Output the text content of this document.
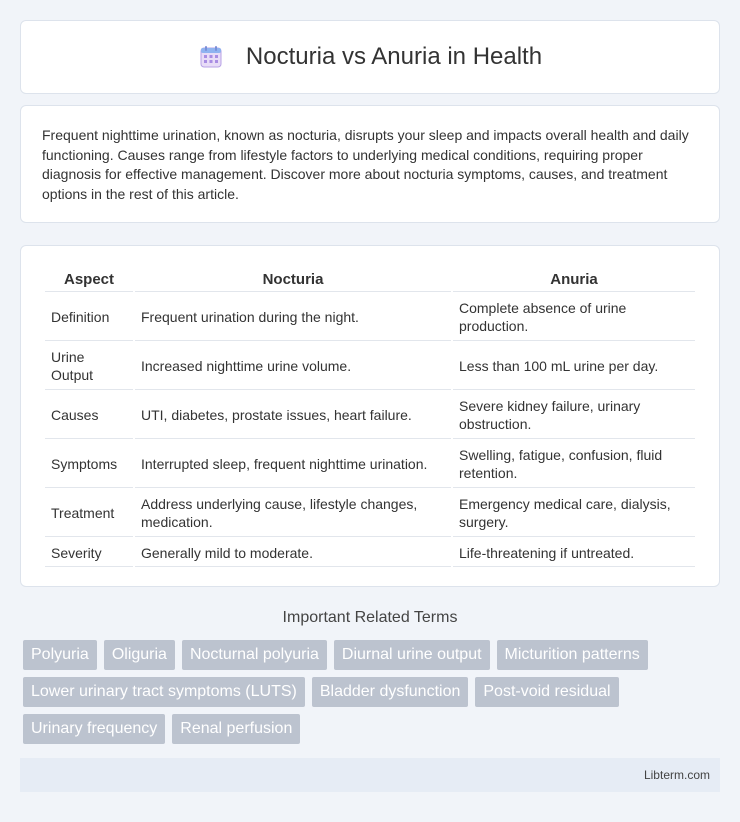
Nocturia vs Anuria in Health

Frequent nighttime urination, known as nocturia, disrupts your sleep and impacts overall health and daily functioning. Causes range from lifestyle factors to underlying medical conditions, requiring proper diagnosis for effective management. Discover more about nocturia symptoms, causes, and treatment options in the rest of this article.

Aspect	Nocturia	Anuria
Definition	Frequent urination during the night.	Complete absence of urine production.
Urine Output	Increased nighttime urine volume.	Less than 100 mL urine per day.
Causes	UTI, diabetes, prostate issues, heart failure.	Severe kidney failure, urinary obstruction.
Symptoms	Interrupted sleep, frequent nighttime urination.	Swelling, fatigue, confusion, fluid retention.
Treatment	Address underlying cause, lifestyle changes, medication.	Emergency medical care, dialysis, surgery.
Severity	Generally mild to moderate.	Life-threatening if untreated.
Important Related Terms
Polyuria	Oliguria	Nocturnal polyuria	Diurnal urine output	Micturition patterns
Lower urinary tract symptoms (LUTS)	Bladder dysfunction	Post-void residual
Urinary frequency	Renal perfusion
Libterm.com
